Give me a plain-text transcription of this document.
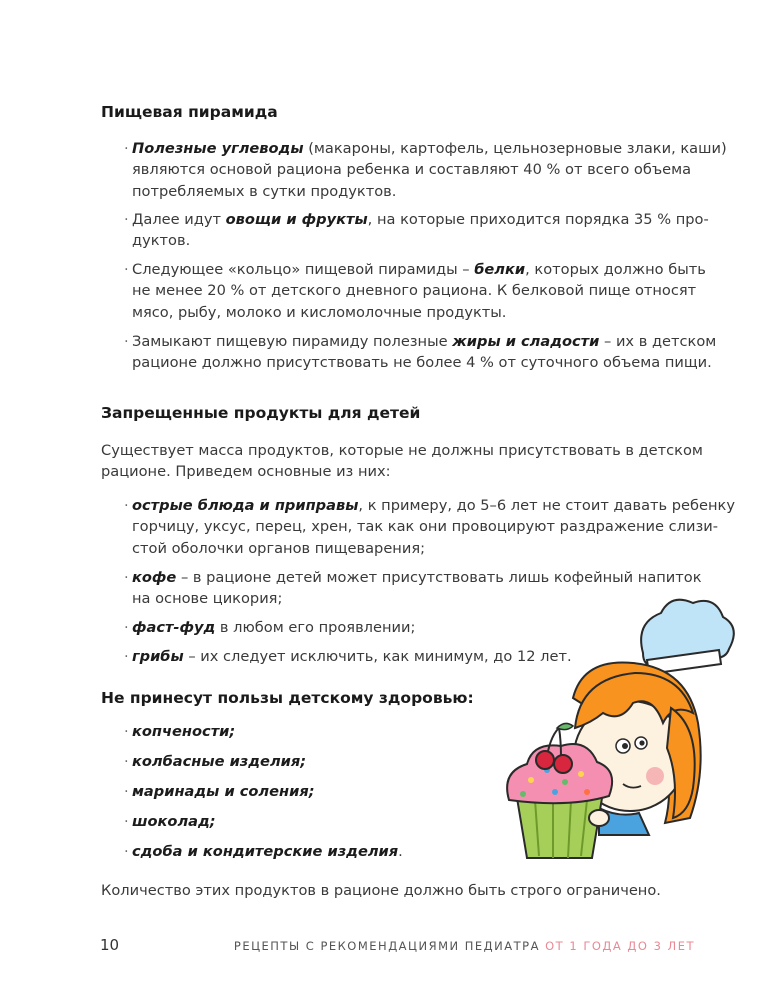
Пищевая пирамида
· Полезные углеводы (макароны, картофель, цельнозерновые злаки, каши)
являются основой рациона ребенка и составляют 40 % от всего объема
потребляемых в сутки продуктов.
· Далее идут овощи и фрукты, на которые приходится порядка 35 % про-
дуктов.
· Следующее «кольцо» пищевой пирамиды – белки, которых должно быть
не менее 20 % от детского дневного рациона. К белковой пище относят
мясо, рыбу, молоко и кисломолочные продукты.
· Замыкают пищевую пирамиду полезные жиры и сладости – их в детском
рационе должно присутствовать не более 4 % от суточного объема пищи.
Запрещенные продукты для детей
Существует масса продуктов, которые не должны присутствовать в детском
рационе. Приведем основные из них:
· острые блюда и приправы, к примеру, до 5–6 лет не стоит давать ребенку
горчицу, уксус, перец, хрен, так как они провоцируют раздражение слизи-
стой оболочки органов пищеварения;
· кофе – в рационе детей может присутствовать лишь кофейный напиток
на основе цикория;
· фаст-фуд в любом его проявлении;
· грибы – их следует исключить, как минимум, до 12 лет.
Не принесут пользы детскому здоровью:
· копчености;
· колбасные изделия;
· маринады и соления;
· шоколад;
· сдоба и кондитерские изделия.

Количество этих продуктов в рационе должно быть строго ограничено.

10	РЕЦЕПТЫ С РЕКОМЕНДАЦИЯМИ ПЕДИАТРА ОТ 1 ГОДА ДО 3 ЛЕТ
